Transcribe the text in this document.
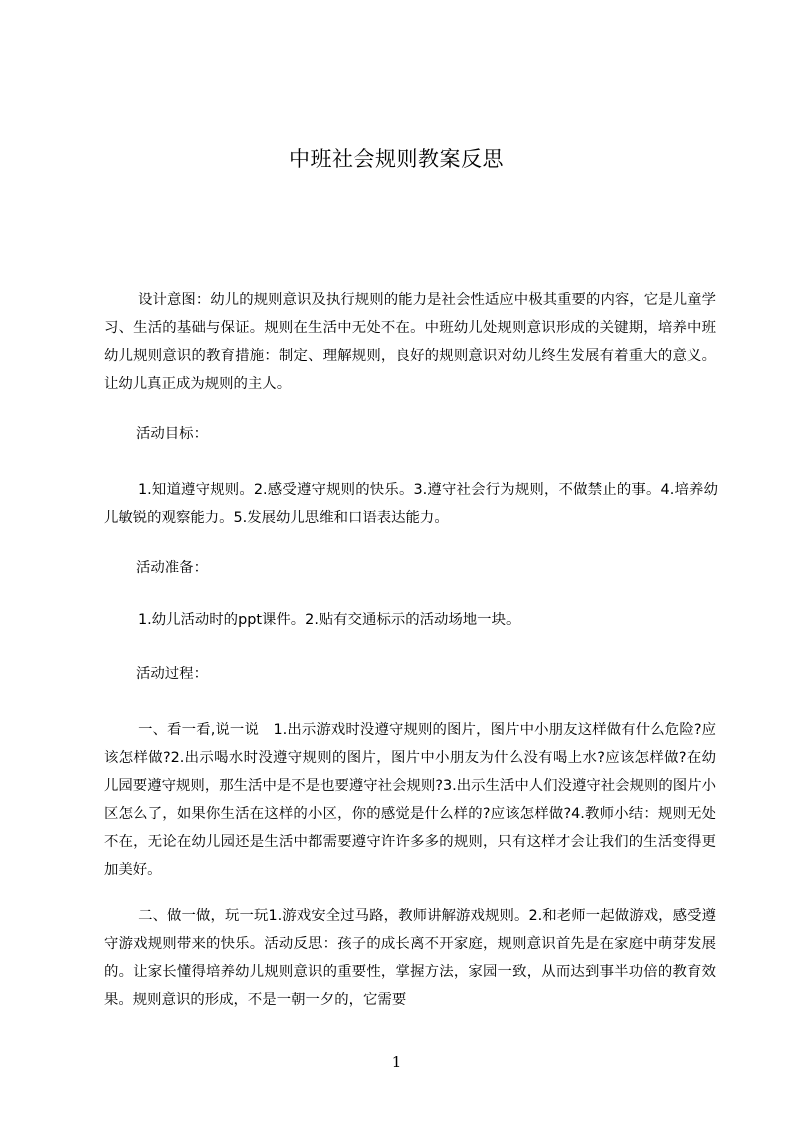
中班社会规则教案反思
设计意图：幼儿的规则意识及执行规则的能力是社会性适应中极其重要的内容，它是儿童学习、生活的基础与保证。规则在生活中无处不在。中班幼儿处规则意识形成的关键期，培养中班幼儿规则意识的教育措施：制定、理解规则，良好的规则意识对幼儿终生发展有着重大的意义。让幼儿真正成为规则的主人。
活动目标：
1.知道遵守规则。2.感受遵守规则的快乐。3.遵守社会行为规则，不做禁止的事。4.培养幼儿敏锐的观察能力。5.发展幼儿思维和口语表达能力。
活动准备：
1.幼儿活动时的ppt课件。2.贴有交通标示的活动场地一块。
活动过程：
一、看一看,说一说　1.出示游戏时没遵守规则的图片，图片中小朋友这样做有什么危险?应该怎样做?2.出示喝水时没遵守规则的图片，图片中小朋友为什么没有喝上水?应该怎样做?在幼儿园要遵守规则，那生活中是不是也要遵守社会规则?3.出示生活中人们没遵守社会规则的图片小区怎么了，如果你生活在这样的小区，你的感觉是什么样的?应该怎样做?4.教师小结：规则无处不在，无论在幼儿园还是生活中都需要遵守许许多多的规则，只有这样才会让我们的生活变得更加美好。
二、做一做，玩一玩1.游戏安全过马路，教师讲解游戏规则。2.和老师一起做游戏，感受遵守游戏规则带来的快乐。活动反思：孩子的成长离不开家庭，规则意识首先是在家庭中萌芽发展的。让家长懂得培养幼儿规则意识的重要性，掌握方法，家园一致，从而达到事半功倍的教育效果。规则意识的形成，不是一朝一夕的，它需要
1
